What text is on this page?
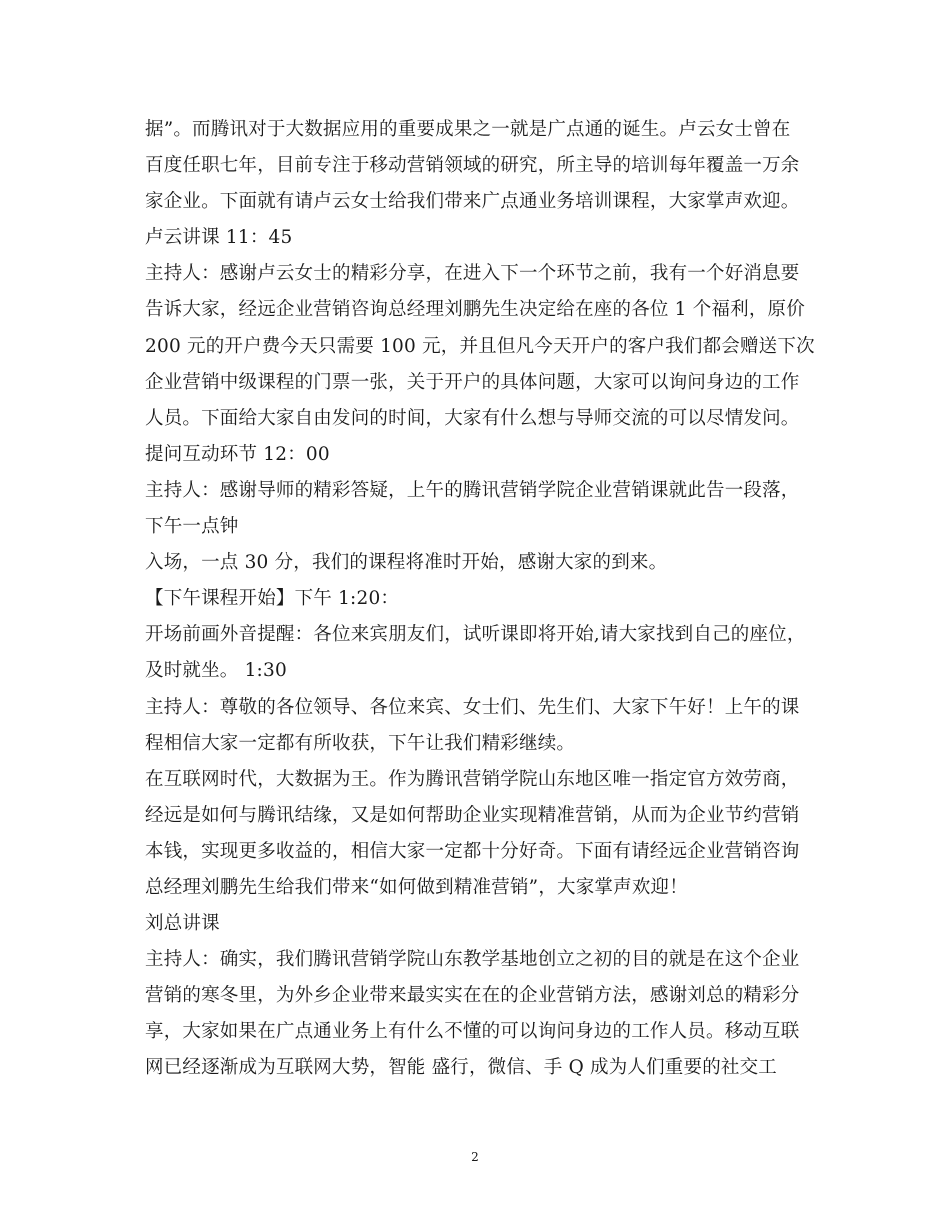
据”。而腾讯对于大数据应用的重要成果之一就是广点通的诞生。卢云女士曾在
百度任职七年，目前专注于移动营销领域的研究，所主导的培训每年覆盖一万余
家企业。下面就有请卢云女士给我们带来广点通业务培训课程，大家掌声欢迎。
卢云讲课 11：45
主持人：感谢卢云女士的精彩分享，在进入下一个环节之前，我有一个好消息要
告诉大家，经远企业营销咨询总经理刘鹏先生决定给在座的各位 1 个福利，原价
200 元的开户费今天只需要 100 元，并且但凡今天开户的客户我们都会赠送下次
企业营销中级课程的门票一张，关于开户的具体问题，大家可以询问身边的工作
人员。下面给大家自由发问的时间，大家有什么想与导师交流的可以尽情发问。
提问互动环节 12：00
主持人：感谢导师的精彩答疑，上午的腾讯营销学院企业营销课就此告一段落，
下午一点钟
入场，一点 30 分，我们的课程将准时开始，感谢大家的到来。
【下午课程开始】下午 1:20：
开场前画外音提醒：各位来宾朋友们，试听课即将开始,请大家找到自己的座位，
及时就坐。 1:30
主持人：尊敬的各位领导、各位来宾、女士们、先生们、大家下午好！上午的课
程相信大家一定都有所收获，下午让我们精彩继续。
在互联网时代，大数据为王。作为腾讯营销学院山东地区唯一指定官方效劳商，
经远是如何与腾讯结缘，又是如何帮助企业实现精准营销，从而为企业节约营销
本钱，实现更多收益的，相信大家一定都十分好奇。下面有请经远企业营销咨询
总经理刘鹏先生给我们带来“如何做到精准营销”，大家掌声欢迎！
刘总讲课
主持人：确实，我们腾讯营销学院山东教学基地创立之初的目的就是在这个企业
营销的寒冬里，为外乡企业带来最实实在在的企业营销方法，感谢刘总的精彩分
享，大家如果在广点通业务上有什么不懂的可以询问身边的工作人员。移动互联
网已经逐渐成为互联网大势，智能 盛行，微信、手 Q 成为人们重要的社交工
2
